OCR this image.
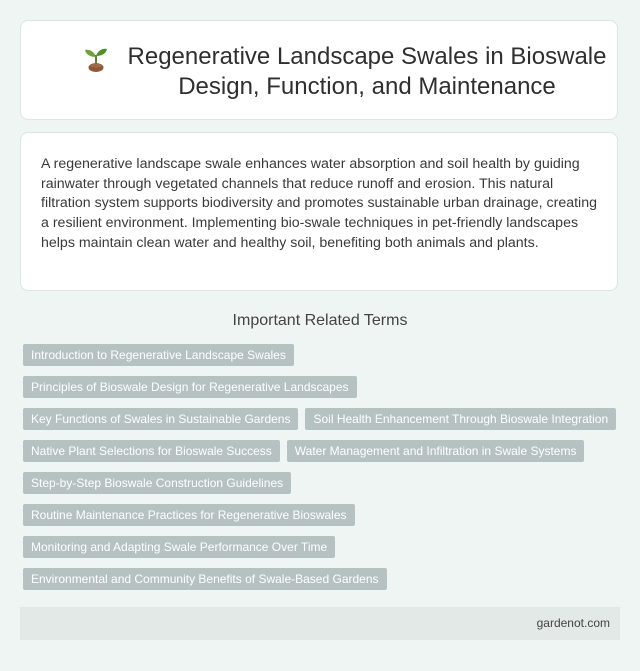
Regenerative Landscape Swales in Bioswale Design, Function, and Maintenance

A regenerative landscape swale enhances water absorption and soil health by guiding rainwater through vegetated channels that reduce runoff and erosion. This natural filtration system supports biodiversity and promotes sustainable urban drainage, creating a resilient environment. Implementing bio-swale techniques in pet-friendly landscapes helps maintain clean water and healthy soil, benefiting both animals and plants.

Important Related Terms
Introduction to Regenerative Landscape Swales
Principles of Bioswale Design for Regenerative Landscapes
Key Functions of Swales in Sustainable Gardens	Soil Health Enhancement Through Bioswale Integration
Native Plant Selections for Bioswale Success	Water Management and Infiltration in Swale Systems
Step-by-Step Bioswale Construction Guidelines
Routine Maintenance Practices for Regenerative Bioswales
Monitoring and Adapting Swale Performance Over Time
Environmental and Community Benefits of Swale-Based Gardens
gardenot.com
